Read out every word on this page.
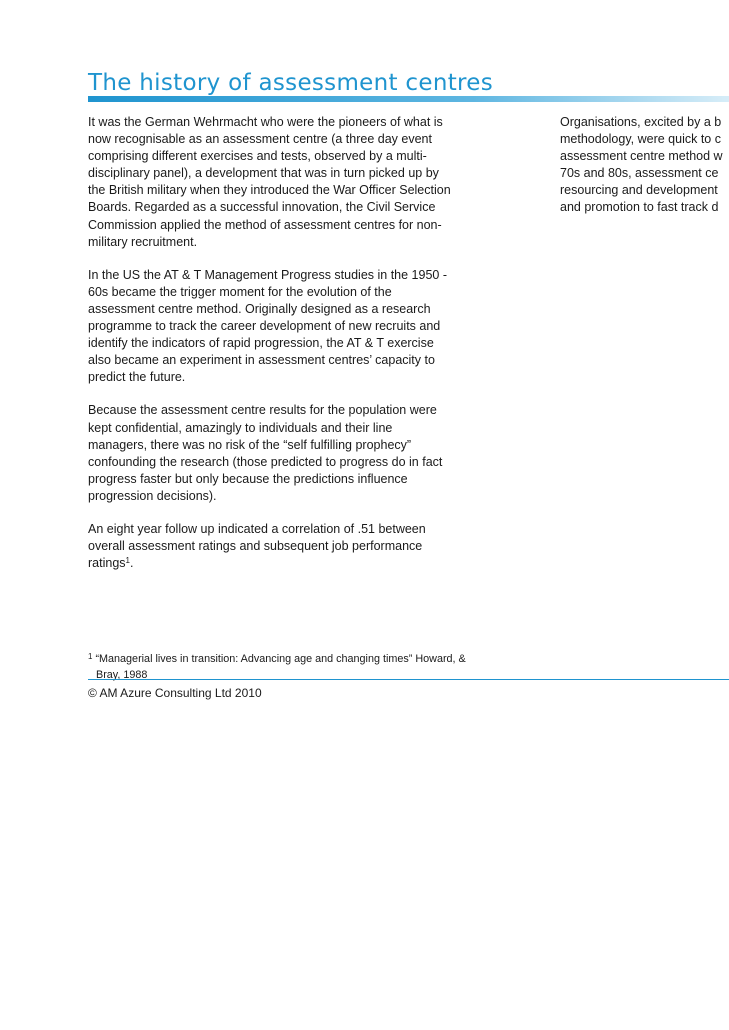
The history of assessment centres

It was the German Wehrmacht who were the pioneers of what is
now recognisable as an assessment centre (a three day event
comprising different exercises and tests, observed by a multi-
disciplinary panel), a development that was in turn picked up by
the British military when they introduced the War Officer Selection
Boards. Regarded as a successful innovation, the Civil Service
Commission applied the method of assessment centres for non-
military recruitment.

In the US the AT & T Management Progress studies in the 1950 -
60s became the trigger moment for the evolution of the
assessment centre method. Originally designed as a research
programme to track the career development of new recruits and
identify the indicators of rapid progression, the AT & T exercise
also became an experiment in assessment centres’ capacity to
predict the future.

Because the assessment centre results for the population were
kept confidential, amazingly to individuals and their line
managers, there was no risk of the “self fulfilling prophecy”
confounding the research (those predicted to progress do in fact
progress faster but only because the predictions influence
progression decisions).

An eight year follow up indicated a correlation of .51 between
overall assessment ratings and subsequent job performance
ratings$^1$.

Organisations, excited by a b
methodology, were quick to c
assessment centre method w
70s and 80s, assessment ce
resourcing and development
and promotion to fast track d

$^1$ “Managerial lives in transition: Advancing age and changing times” Howard, &
Bray, 1988
© AM Azure Consulting Ltd 2010
